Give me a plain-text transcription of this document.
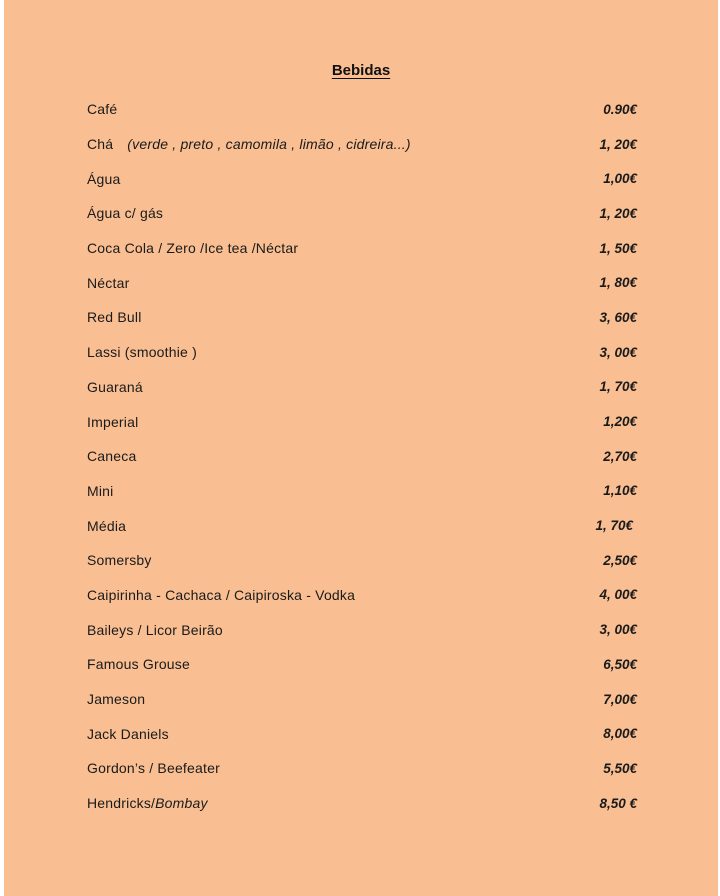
Bebidas
Café	0.90€
Chá (verde , preto , camomila , limão , cidreira...)	1, 20€
Água	1,00€
Água c/ gás	1, 20€
Coca Cola / Zero /Ice tea /Néctar	1, 50€
Néctar	1, 80€
Red Bull	3, 60€
Lassi (smoothie )	3, 00€
Guaraná	1, 70€
Imperial	1,20€
Caneca	2,70€
Mini	1,10€
Média	1, 70€
Somersby	2,50€
Caipirinha - Cachaca / Caipiroska - Vodka	4, 00€
Baileys / Licor Beirão	3, 00€
Famous Grouse	6,50€
Jameson	7,00€
Jack Daniels	8,00€
Gordon’s / Beefeater	5,50€
Hendricks/Bombay	8,50 €
